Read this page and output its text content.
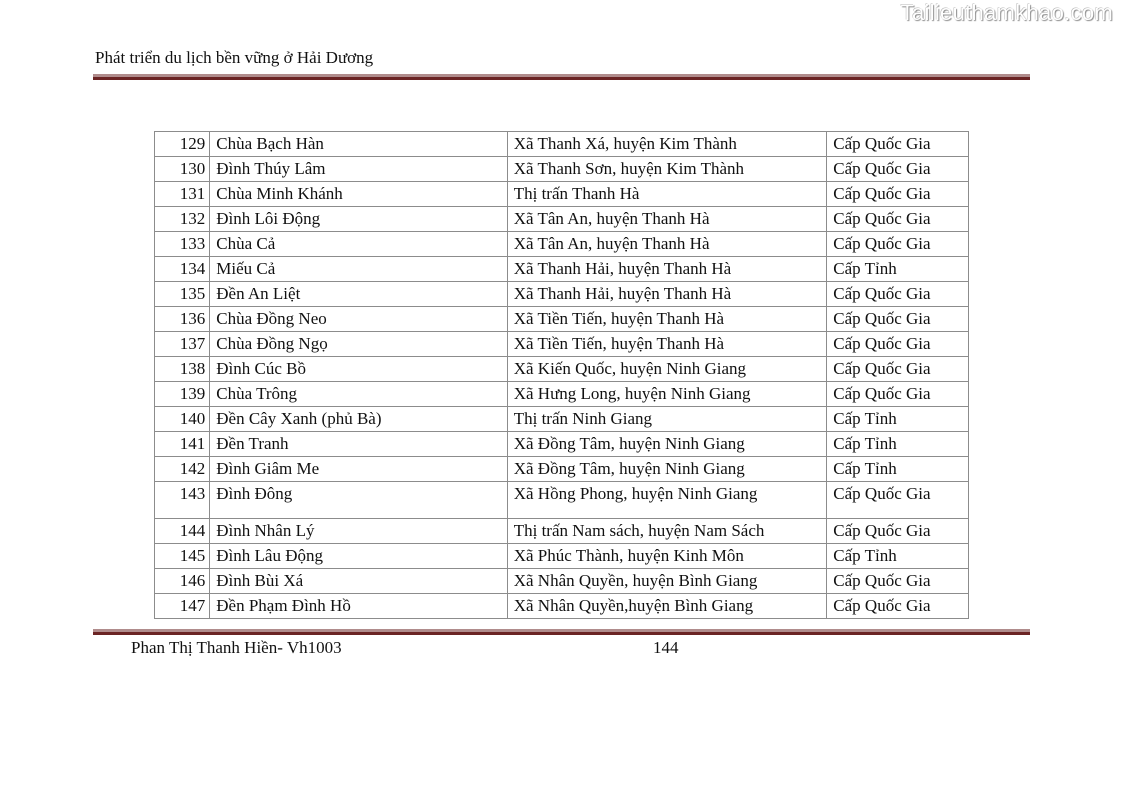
Tailieuthamkhao.com
Phát triển du lịch bền vững ở Hải Dương
129	Chùa Bạch Hàn	Xã Thanh Xá, huyện Kim Thành	Cấp Quốc Gia
130	Đình Thúy Lâm	Xã Thanh Sơn, huyện Kim Thành	Cấp Quốc Gia
131	Chùa Minh Khánh	Thị trấn Thanh Hà	Cấp Quốc Gia
132	Đình Lôi Động	Xã Tân An, huyện Thanh Hà	Cấp Quốc Gia
133	Chùa Cả	Xã Tân An, huyện Thanh Hà	Cấp Quốc Gia
134	Miếu Cả	Xã Thanh Hải, huyện Thanh Hà	Cấp Tỉnh
135	Đền An Liệt	Xã Thanh Hải, huyện Thanh Hà	Cấp Quốc Gia
136	Chùa Đồng Neo	Xã Tiền Tiến, huyện Thanh Hà	Cấp Quốc Gia
137	Chùa Đồng Ngọ	Xã Tiền Tiến, huyện Thanh Hà	Cấp Quốc Gia
138	Đình Cúc Bồ	Xã Kiến Quốc, huyện Ninh Giang	Cấp Quốc Gia
139	Chùa Trông	Xã Hưng Long, huyện Ninh Giang	Cấp Quốc Gia
140	Đền Cây Xanh (phủ Bà)	Thị trấn Ninh Giang	Cấp Tỉnh
141	Đền Tranh	Xã Đồng Tâm, huyện Ninh Giang	Cấp Tỉnh
142	Đình Giâm Me	Xã Đồng Tâm, huyện Ninh Giang	Cấp Tỉnh
143	Đình Đông	Xã Hồng Phong, huyện Ninh Giang	Cấp Quốc Gia
144	Đình Nhân Lý	Thị trấn Nam sách, huyện Nam Sách	Cấp Quốc Gia
145	Đình Lâu Động	Xã Phúc Thành, huyện Kinh Môn	Cấp Tỉnh
146	Đình Bùi Xá	Xã Nhân Quyền, huyện Bình Giang	Cấp Quốc Gia
147	Đền Phạm Đình Hồ	Xã Nhân Quyền,huyện Bình Giang	Cấp Quốc Gia
Phan Thị Thanh Hiền- Vh1003	144
